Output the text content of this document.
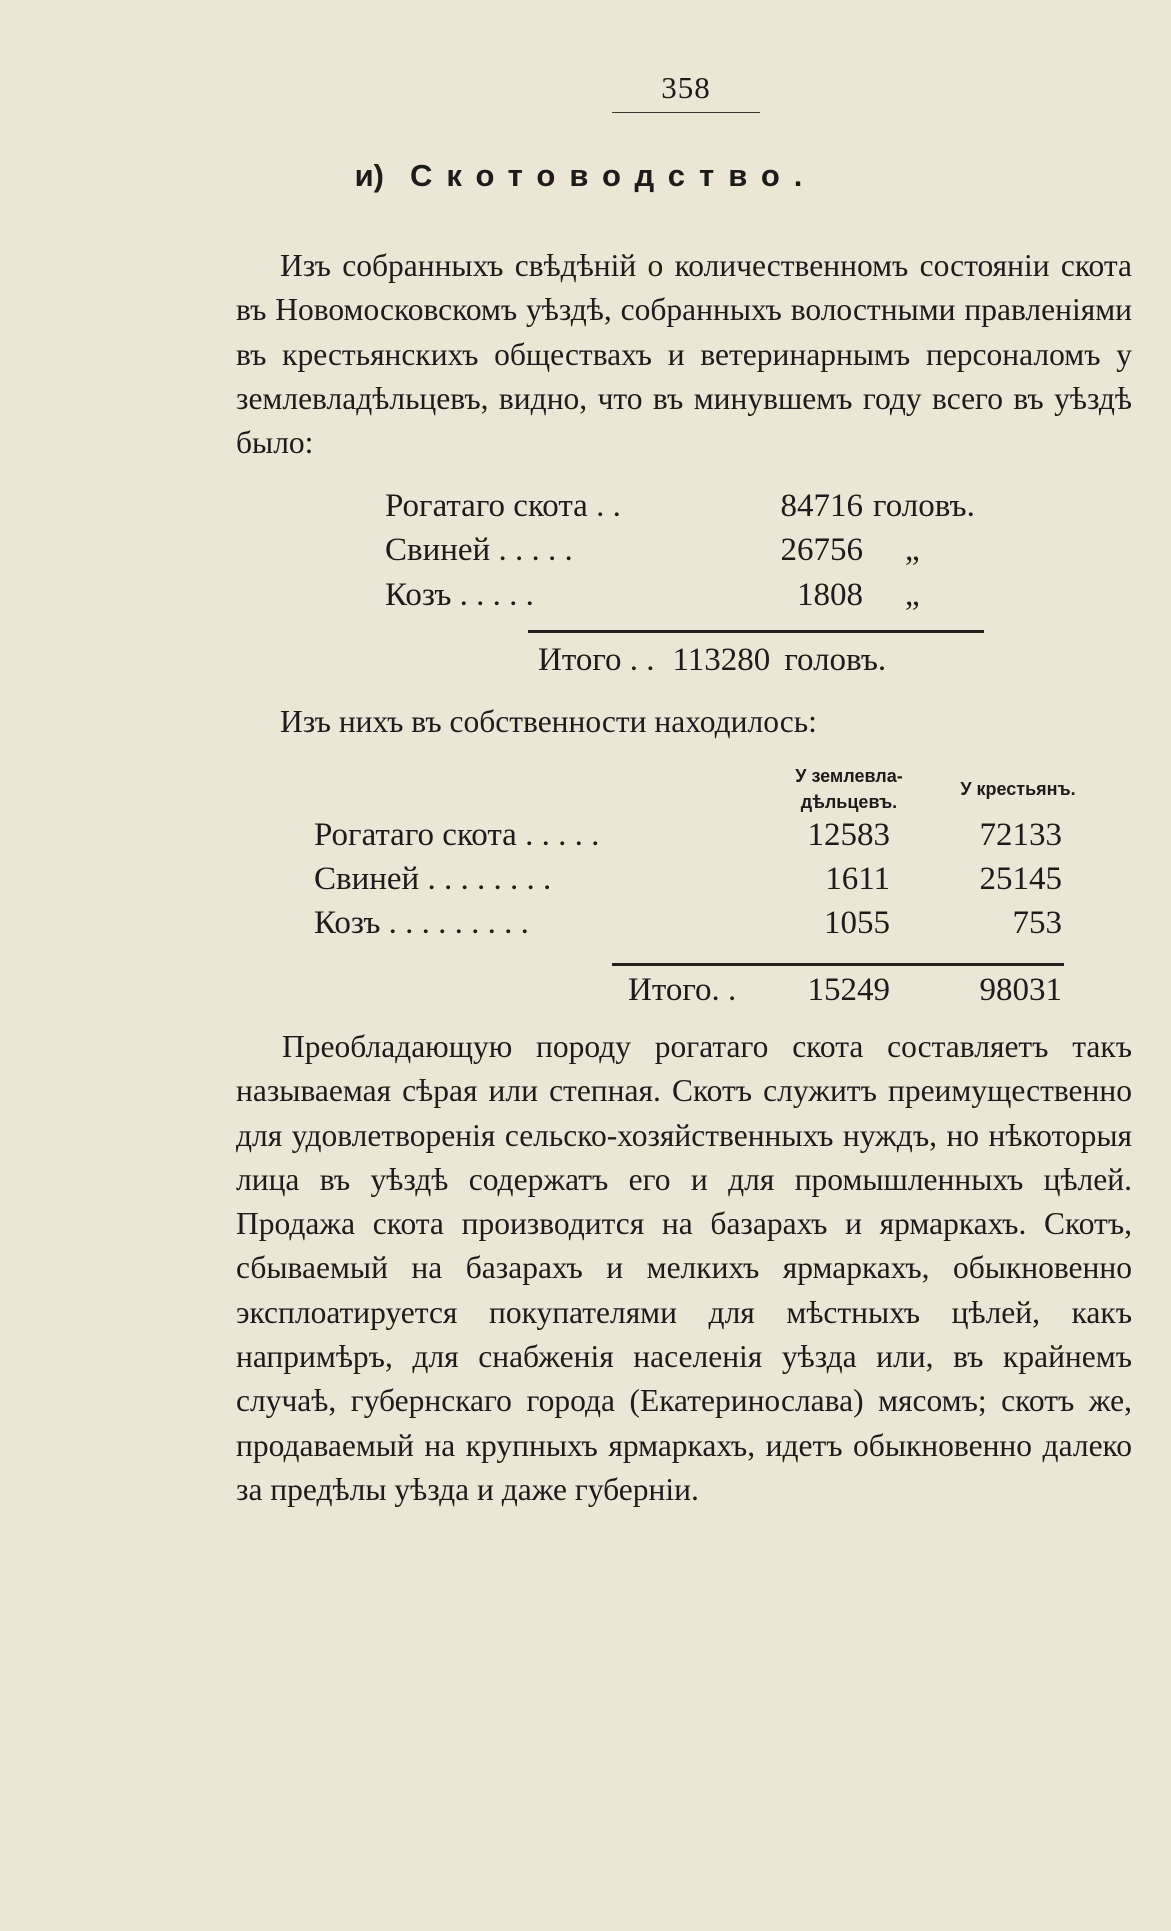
358
и) Скотоводство.

Изъ собранныхъ свѣдѣній о количественномъ состояніи скота въ Новомосковскомъ уѣздѣ, собранныхъ волостными правленіями въ крестьянскихъ обществахъ и ветеринарнымъ персоналомъ у землевладѣльцевъ, видно, что въ минувшемъ году всего въ уѣздѣ было:

Рогатаго скота . .	84716 головъ.
Свиней . . . . .	26756 „
Козъ . . . . .	1808 „
Итого . . 113280 головъ.
Изъ нихъ въ собственности находилось:
У землевла-
дѣльцевъ.
У крестьянъ.
Рогатаго скота . . . . .	12583	72133
Свиней . . . . . . . .	1611	25145
Козъ . . . . . . . . .	1055	753
Итого. . 15249	98031

Преобладающую породу рогатаго скота составляетъ такъ называемая сѣрая или степная. Скотъ служитъ преимущественно для удовлетворенія сельско-хозяйственныхъ нуждъ, но нѣкоторыя лица въ уѣздѣ содержатъ его и для промышленныхъ цѣлей. Продажа скота производится на базарахъ и ярмаркахъ. Скотъ, сбываемый на базарахъ и мелкихъ ярмаркахъ, обыкновенно эксплоатируется покупателями для мѣстныхъ цѣлей, какъ напримѣръ, для снабженія населенія уѣзда или, въ крайнемъ случаѣ, губернскаго города (Екатеринослава) мясомъ; скотъ же, продаваемый на крупныхъ ярмаркахъ, идетъ обыкновенно далеко за предѣлы уѣзда и даже губерніи.
